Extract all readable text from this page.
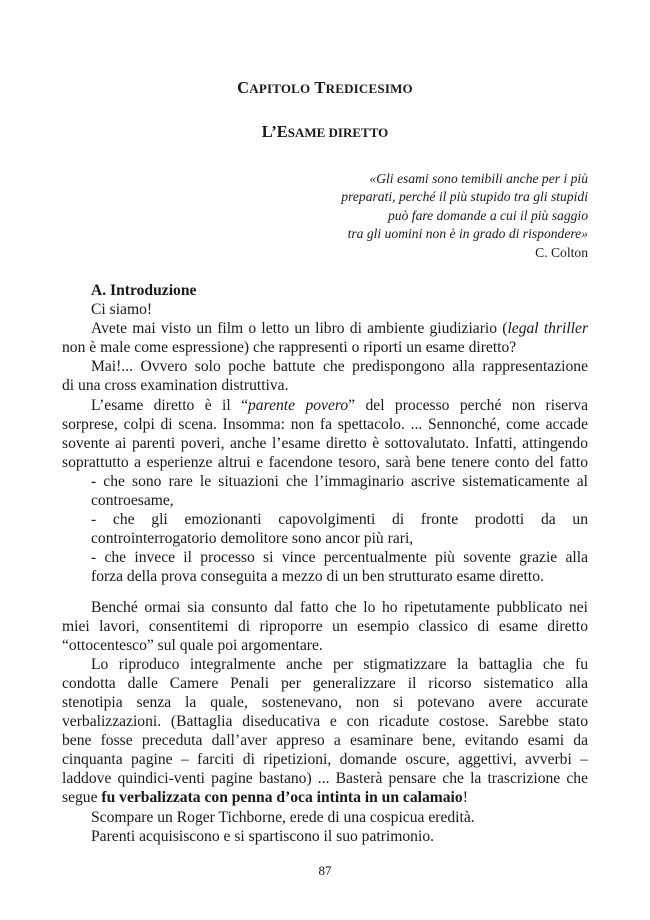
CAPITOLO TREDICESIMO
L’ESAME DIRETTO
«Gli esami sono temibili anche per i più
preparati, perché il più stupido tra gli stupidi
può fare domande a cui il più saggio
tra gli uomini non è in grado di rispondere»
C. Colton
A. Introduzione
Ci siamo!
Avete mai visto un film o letto un libro di ambiente giudiziario (legal thriller
non è male come espressione) che rappresenti o riporti un esame diretto?
Mai!... Ovvero solo poche battute che predispongono alla rappresentazione
di una cross examination distruttiva.
L’esame diretto è il “parente povero” del processo perché non riserva
sorprese, colpi di scena. Insomma: non fa spettacolo. ... Sennonché, come accade
sovente ai parenti poveri, anche l’esame diretto è sottovalutato. Infatti, attingendo
soprattutto a esperienze altrui e facendone tesoro, sarà bene tenere conto del fatto
- che sono rare le situazioni che l’immaginario ascrive sistematicamente al
controesame,
- che gli emozionanti capovolgimenti di fronte prodotti da un
controinterrogatorio demolitore sono ancor più rari,
- che invece il processo si vince percentualmente più sovente grazie alla
forza della prova conseguita a mezzo di un ben strutturato esame diretto.
Benché ormai sia consunto dal fatto che lo ho ripetutamente pubblicato nei
miei lavori, consentitemi di riproporre un esempio classico di esame diretto
“ottocentesco” sul quale poi argomentare.
Lo riproduco integralmente anche per stigmatizzare la battaglia che fu
condotta dalle Camere Penali per generalizzare il ricorso sistematico alla
stenotipia senza la quale, sostenevano, non si potevano avere accurate
verbalizzazioni. (Battaglia diseducativa e con ricadute costose. Sarebbe stato
bene fosse preceduta dall’aver appreso a esaminare bene, evitando esami da
cinquanta pagine – farciti di ripetizioni, domande oscure, aggettivi, avverbi –
laddove quindici-venti pagine bastano) ... Basterà pensare che la trascrizione che
segue fu verbalizzata con penna d’oca intinta in un calamaio!
Scompare un Roger Tichborne, erede di una cospicua eredità.
Parenti acquisiscono e si spartiscono il suo patrimonio.
87
